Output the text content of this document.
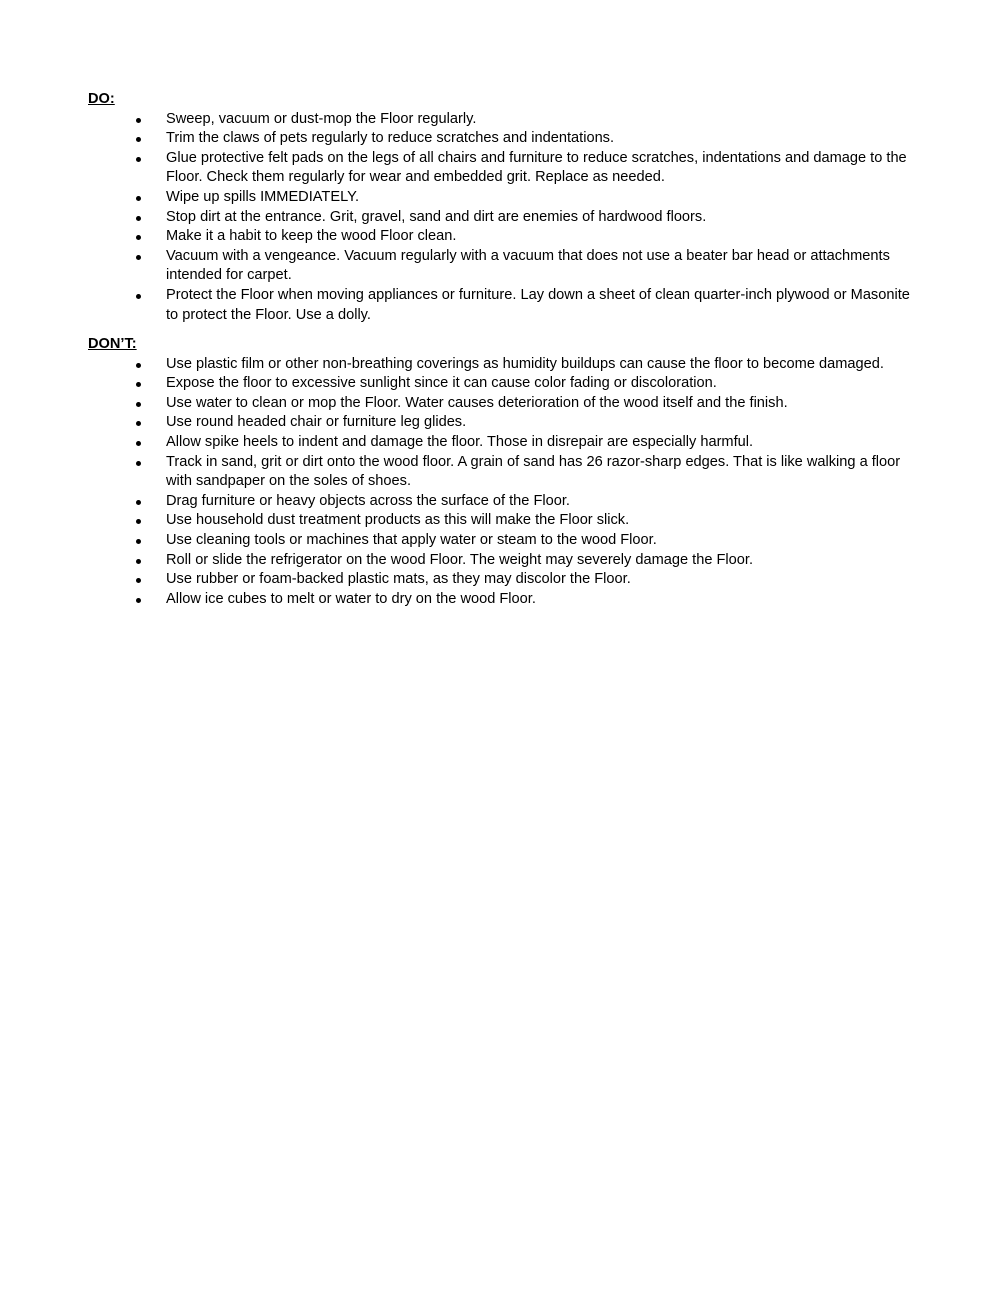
DO:
Sweep, vacuum or dust-mop the Floor regularly.
Trim the claws of pets regularly to reduce scratches and indentations.
Glue protective felt pads on the legs of all chairs and furniture to reduce scratches, indentations and damage to the Floor. Check them regularly for wear and embedded grit. Replace as needed.
Wipe up spills IMMEDIATELY.
Stop dirt at the entrance. Grit, gravel, sand and dirt are enemies of hardwood floors.
Make it a habit to keep the wood Floor clean.
Vacuum with a vengeance. Vacuum regularly with a vacuum that does not use a beater bar head or attachments intended for carpet.
Protect the Floor when moving appliances or furniture. Lay down a sheet of clean quarter-inch plywood or Masonite to protect the Floor. Use a dolly.
DON’T:
Use plastic film or other non-breathing coverings as humidity buildups can cause the floor to become damaged.
Expose the floor to excessive sunlight since it can cause color fading or discoloration.
Use water to clean or mop the Floor. Water causes deterioration of the wood itself and the finish.
Use round headed chair or furniture leg glides.
Allow spike heels to indent and damage the floor. Those in disrepair are especially harmful.
Track in sand, grit or dirt onto the wood floor. A grain of sand has 26 razor-sharp edges. That is like walking a floor with sandpaper on the soles of shoes.
Drag furniture or heavy objects across the surface of the Floor.
Use household dust treatment products as this will make the Floor slick.
Use cleaning tools or machines that apply water or steam to the wood Floor.
Roll or slide the refrigerator on the wood Floor. The weight may severely damage the Floor.
Use rubber or foam-backed plastic mats, as they may discolor the Floor.
Allow ice cubes to melt or water to dry on the wood Floor.
